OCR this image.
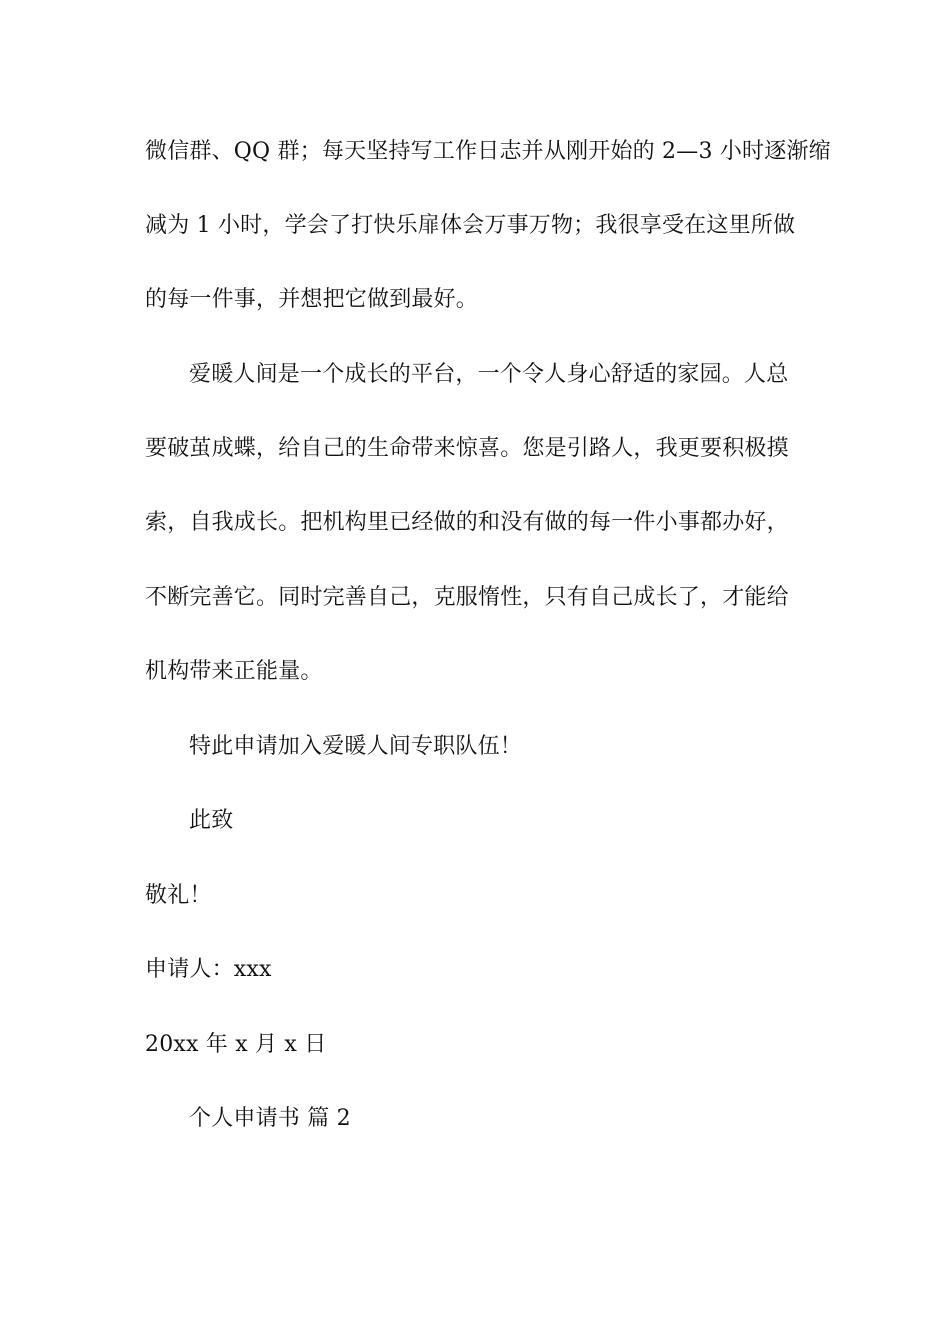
微信群、QQ 群；每天坚持写工作日志并从刚开始的 2—3 小时逐渐缩
减为 1 小时，学会了打快乐扉体会万事万物；我很享受在这里所做
的每一件事，并想把它做到最好。
爱暖人间是一个成长的平台，一个令人身心舒适的家园。人总
要破茧成蝶，给自己的生命带来惊喜。您是引路人，我更要积极摸
索，自我成长。把机构里已经做的和没有做的每一件小事都办好，
不断完善它。同时完善自己，克服惰性，只有自己成长了，才能给
机构带来正能量。
特此申请加入爱暖人间专职队伍！
此致
敬礼！
申请人：xxx
20xx 年 x 月 x 日
个人申请书 篇 2
